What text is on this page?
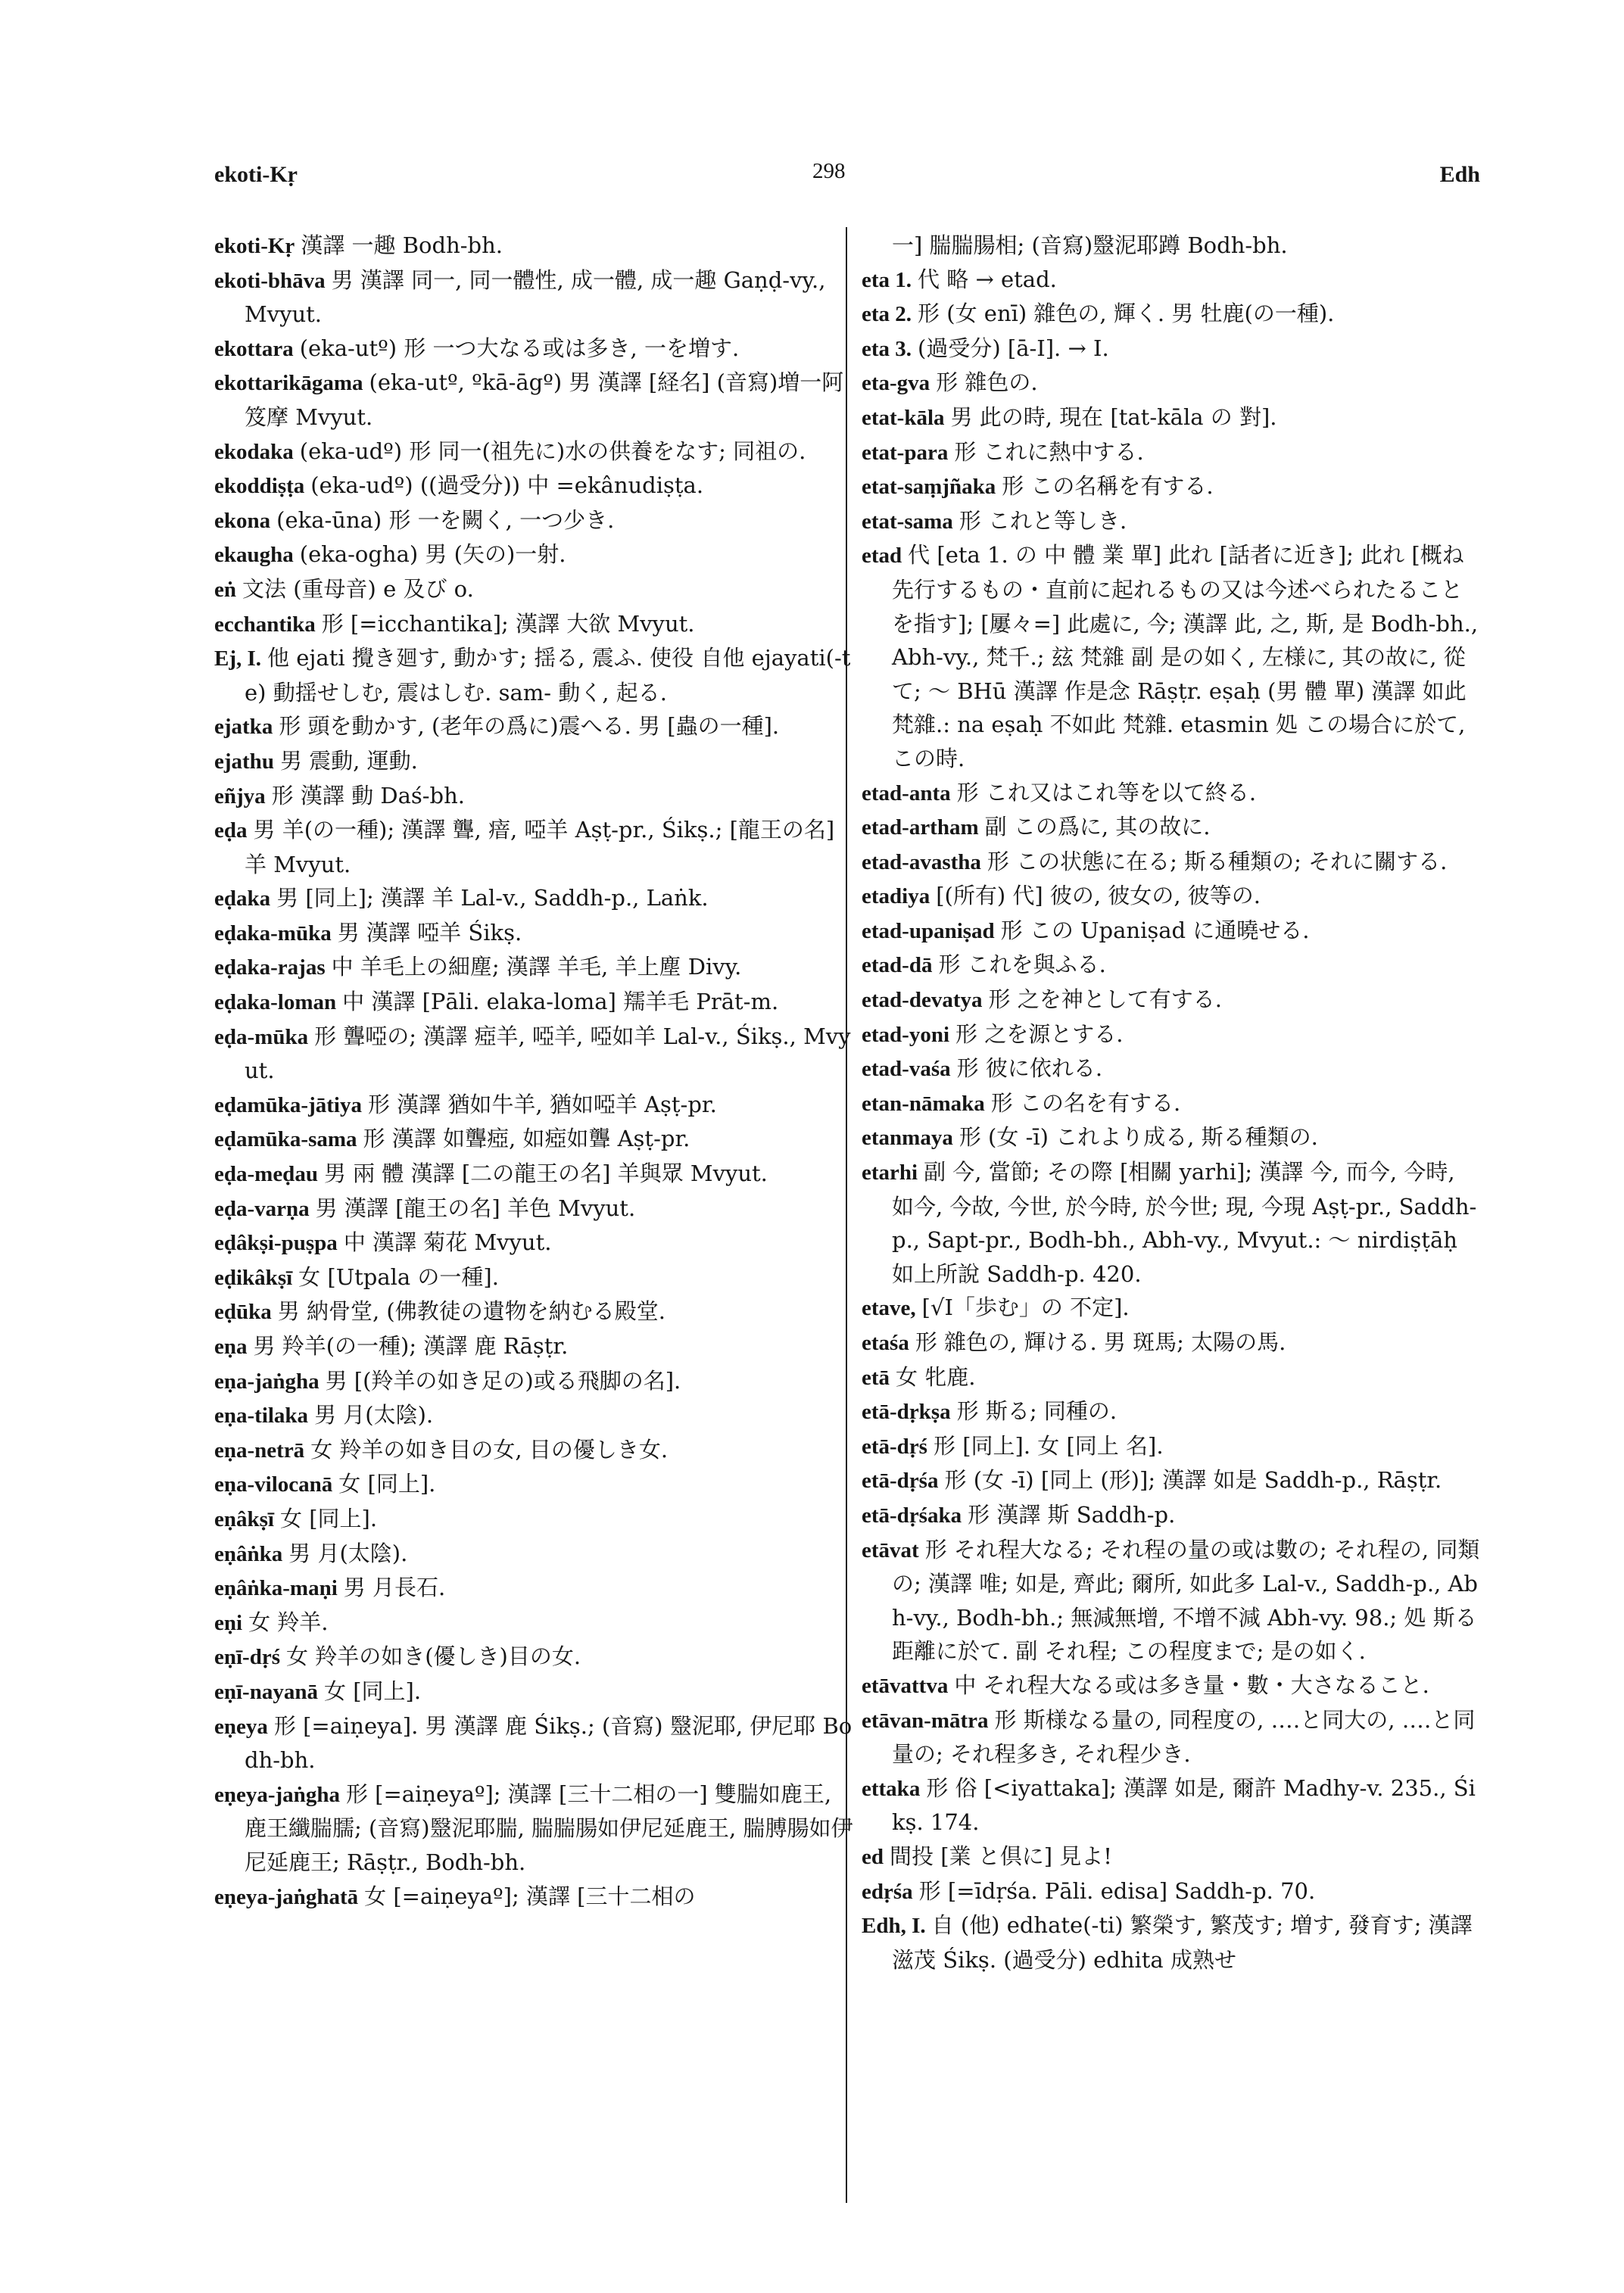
ekoti-Kṛ	298	Edh
ekoti-Kṛ 漢譯 一趣 Bodh-bh.
ekoti-bhāva 男 漢譯 同一, 同一體性, 成一體, 成一趣 Gaṇḍ-vy., Mvyut.
ekottara (eka-utº) 形 一つ大なる或は多き, 一を増す.
ekottarikāgama (eka-utº, ºkā-āgº) 男 漢譯 [経名] (音寫)増一阿笈摩 Mvyut.
ekodaka (eka-udº) 形 同一(祖先に)水の供養をなす; 同祖の.
ekoddiṣṭa (eka-udº) ((過受分)) 中 =ekânudiṣṭa.
ekona (eka-ūna) 形 一を闕く, 一つ少き.
ekaugha (eka-ogha) 男 (矢の)一射.
eṅ 文法 (重母音) e 及び o.
ecchantika 形 [=icchantika]; 漢譯 大欲 Mvyut.
Ej, I. 他 ejati 攪き廻す, 動かす; 揺る, 震ふ. 使役 自他 ejayati(-te) 動揺せしむ, 震はしむ. sam- 動く, 起る.
ejatka 形 頭を動かす, (老年の爲に)震へる. 男 [蟲の一種].
ejathu 男 震動, 運動.
eñjya 形 漢譯 動 Daś-bh.
eḍa 男 羊(の一種); 漢譯 聾, 瘖, 啞羊 Aṣṭ-pr., Śikṣ.; [龍王の名] 羊 Mvyut.
eḍaka 男 [同上]; 漢譯 羊 Lal-v., Saddh-p., Laṅk.
eḍaka-mūka 男 漢譯 啞羊 Śikṣ.
eḍaka-rajas 中 羊毛上の細塵; 漢譯 羊毛, 羊上塵 Divy.
eḍaka-loman 中 漢譯 [Pāli. elaka-loma] 羺羊毛 Prāt-m.
eḍa-mūka 形 聾啞の; 漢譯 瘂羊, 啞羊, 啞如羊 Lal-v., Śikṣ., Mvyut.
eḍamūka-jātiya 形 漢譯 猶如牛羊, 猶如啞羊 Aṣṭ-pr.
eḍamūka-sama 形 漢譯 如聾瘂, 如瘂如聾 Aṣṭ-pr.
eḍa-meḍau 男 兩 體 漢譯 [二の龍王の名] 羊與眾 Mvyut.
eḍa-varṇa 男 漢譯 [龍王の名] 羊色 Mvyut.
eḍâkṣi-puṣpa 中 漢譯 菊花 Mvyut.
eḍikâkṣī 女 [Utpala の一種].
eḍūka 男 納骨堂, (佛教徒の遺物を納むる殿堂.
eṇa 男 羚羊(の一種); 漢譯 鹿 Rāṣṭr.
eṇa-jaṅgha 男 [(羚羊の如き足の)或る飛脚の名].
eṇa-tilaka 男 月(太陰).
eṇa-netrā 女 羚羊の如き目の女, 目の優しき女.
eṇa-vilocanā 女 [同上].
eṇâkṣī 女 [同上].
eṇâṅka 男 月(太陰).
eṇâṅka-maṇi 男 月長石.
eṇi 女 羚羊.
eṇī-dṛś 女 羚羊の如き(優しき)目の女.
eṇī-nayanā 女 [同上].
eṇeya 形 [=aiṇeya]. 男 漢譯 鹿 Śikṣ.; (音寫) 毉泥耶, 伊尼耶 Bodh-bh.
eṇeya-jaṅgha 形 [=aiṇeyaº]; 漢譯 [三十二相の一] 雙腨如鹿王, 鹿王纖腨臑; (音寫)毉泥耶腨, 腨腨腸如伊尼延鹿王, 腨膊腸如伊尼延鹿王; Rāṣṭr., Bodh-bh.
eṇeya-jaṅghatā 女 [=aiṇeyaº]; 漢譯 [三十二相の
一] 腨腨腸相; (音寫)毉泥耶蹲 Bodh-bh.
eta 1. 代 略 → etad.
eta 2. 形 (女 enī) 雜色の, 輝く. 男 牡鹿(の一種).
eta 3. (過受分) [ā-I]. → I.
eta-gva 形 雜色の.
etat-kāla 男 此の時, 現在 [tat-kāla の 對].
etat-para 形 これに熱中する.
etat-saṃjñaka 形 この名稱を有する.
etat-sama 形 これと等しき.
etad 代 [eta 1. の 中 體 業 單] 此れ [話者に近き]; 此れ [概ね先行するもの・直前に起れるもの又は今述べられたることを指す]; [屢々=] 此處に, 今; 漢譯 此, 之, 斯, 是 Bodh-bh., Abh-vy., 梵千.; 玆 梵雜 副 是の如く, 左様に, 其の故に, 從て; ～ BHū 漢譯 作是念 Rāṣṭr. eṣaḥ (男 體 單) 漢譯 如此 梵雜.: na eṣaḥ 不如此 梵雜. etasmin 処 この場合に於て, この時.
etad-anta 形 これ又はこれ等を以て終る.
etad-artham 副 この爲に, 其の故に.
etad-avastha 形 この状態に在る; 斯る種類の; それに關する.
etadiya [(所有) 代] 彼の, 彼女の, 彼等の.
etad-upaniṣad 形 この Upaniṣad に通曉せる.
etad-dā 形 これを與ふる.
etad-devatya 形 之を神として有する.
etad-yoni 形 之を源とする.
etad-vaśa 形 彼に依れる.
etan-nāmaka 形 この名を有する.
etanmaya 形 (女 -ī) これより成る, 斯る種類の.
etarhi 副 今, 當節; その際 [相關 yarhi]; 漢譯 今, 而今, 今時, 如今, 今故, 今世, 於今時, 於今世; 現, 今現 Aṣṭ-pr., Saddh-p., Sapt-pr., Bodh-bh., Abh-vy., Mvyut.: ～ nirdiṣṭāḥ 如上所說 Saddh-p. 420.
etave, [√I「歩む」の 不定].
etaśa 形 雜色の, 輝ける. 男 斑馬; 太陽の馬.
etā 女 牝鹿.
etā-dṛkṣa 形 斯る; 同種の.
etā-dṛś 形 [同上]. 女 [同上 名].
etā-dṛśa 形 (女 -ī) [同上 (形)]; 漢譯 如是 Saddh-p., Rāṣṭr.
etā-dṛśaka 形 漢譯 斯 Saddh-p.
etāvat 形 それ程大なる; それ程の量の或は數の; それ程の, 同類の; 漢譯 唯; 如是, 齊此; 爾所, 如此多 Lal-v., Saddh-p., Abh-vy., Bodh-bh.; 無減無增, 不增不減 Abh-vy. 98.; 処 斯る距離に於て. 副 それ程; この程度まで; 是の如く.
etāvattva 中 それ程大なる或は多き量・數・大さなること.
etāvan-mātra 形 斯様なる量の, 同程度の, ‥‥と同大の, ‥‥と同量の; それ程多き, それ程少き.
ettaka 形 俗 [<iyattaka]; 漢譯 如是, 爾許 Madhy-v. 235., Śikṣ. 174.
ed 間投 [業 と倶に] 見よ!
edṛśa 形 [=īdṛśa. Pāli. edisa] Saddh-p. 70.
Edh, I. 自 (他) edhate(-ti) 繁榮す, 繁茂す; 増す, 發育す; 漢譯 滋茂 Śikṣ. (過受分) edhita 成熟せ
